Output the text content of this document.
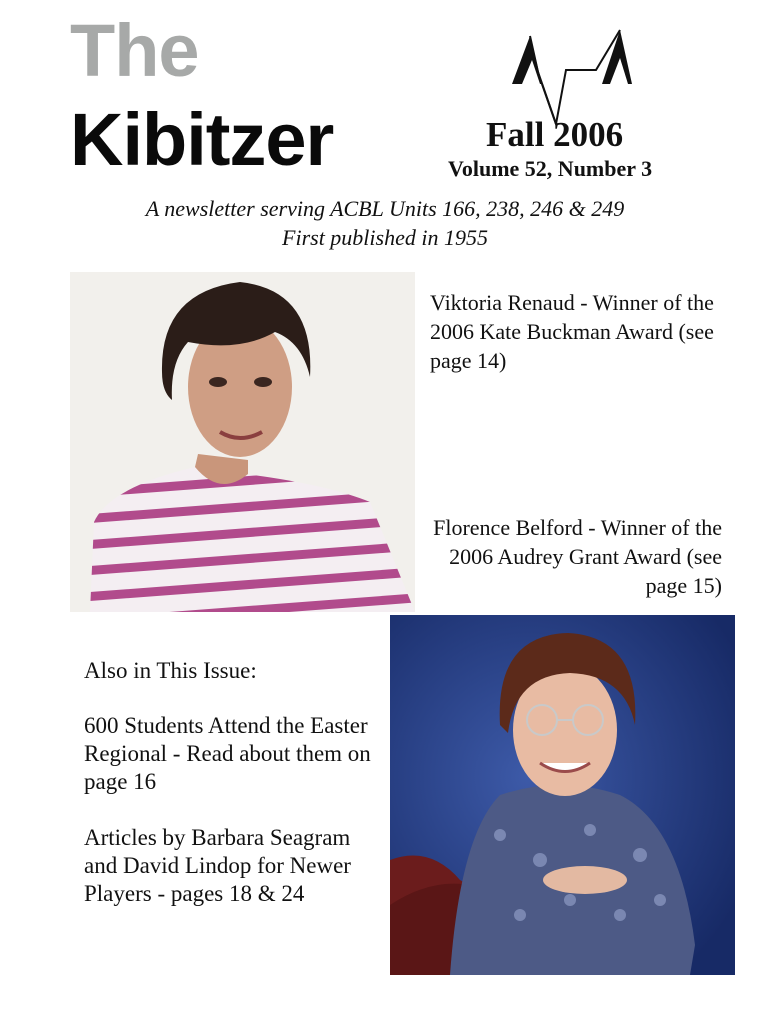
The
Kibitzer	Fall 2006
Volume 52, Number 3
A newsletter serving ACBL Units 166, 238, 246 & 249
First published in 1955
Viktoria Renaud - Winner of the 2006 Kate Buckman Award (see page 14)
Florence Belford - Winner of the 2006 Audrey Grant Award (see page 15)
Also in This Issue:
600 Students Attend the Easter Regional - Read about them on page 16
Articles by Barbara Seagram and David Lindop for Newer Players - pages 18 & 24
